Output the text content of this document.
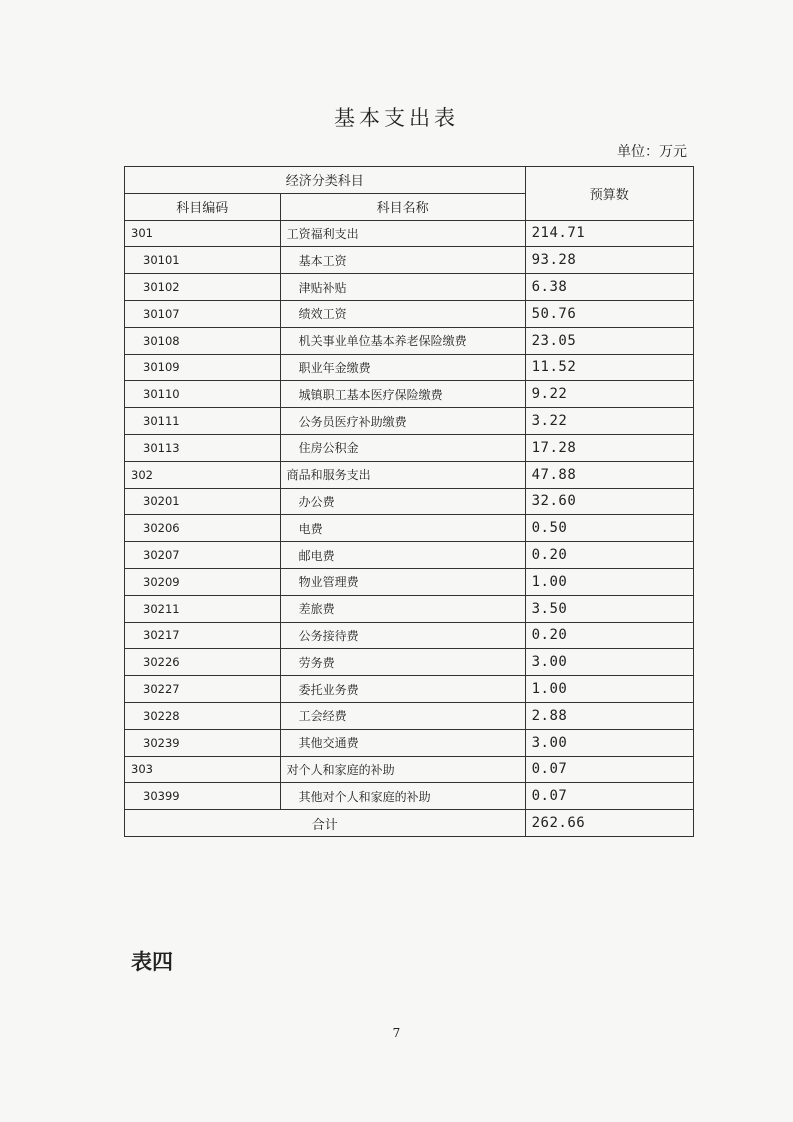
基本支出表
单位：万元
经济分类科目		预算数
科目编码	科目名称	
301	工资福利支出	214.71
30101	基本工资	93.28
30102	津贴补贴	6.38
30107	绩效工资	50.76
30108	机关事业单位基本养老保险缴费	23.05
30109	职业年金缴费	11.52
30110	城镇职工基本医疗保险缴费	9.22
30111	公务员医疗补助缴费	3.22
30113	住房公积金	17.28
302	商品和服务支出	47.88
30201	办公费	32.60
30206	电费	0.50
30207	邮电费	0.20
30209	物业管理费	1.00
30211	差旅费	3.50
30217	公务接待费	0.20
30226	劳务费	3.00
30227	委托业务费	1.00
30228	工会经费	2.88
30239	其他交通费	3.00
303	对个人和家庭的补助	0.07
30399	其他对个人和家庭的补助	0.07
合计		262.66
表四
7
